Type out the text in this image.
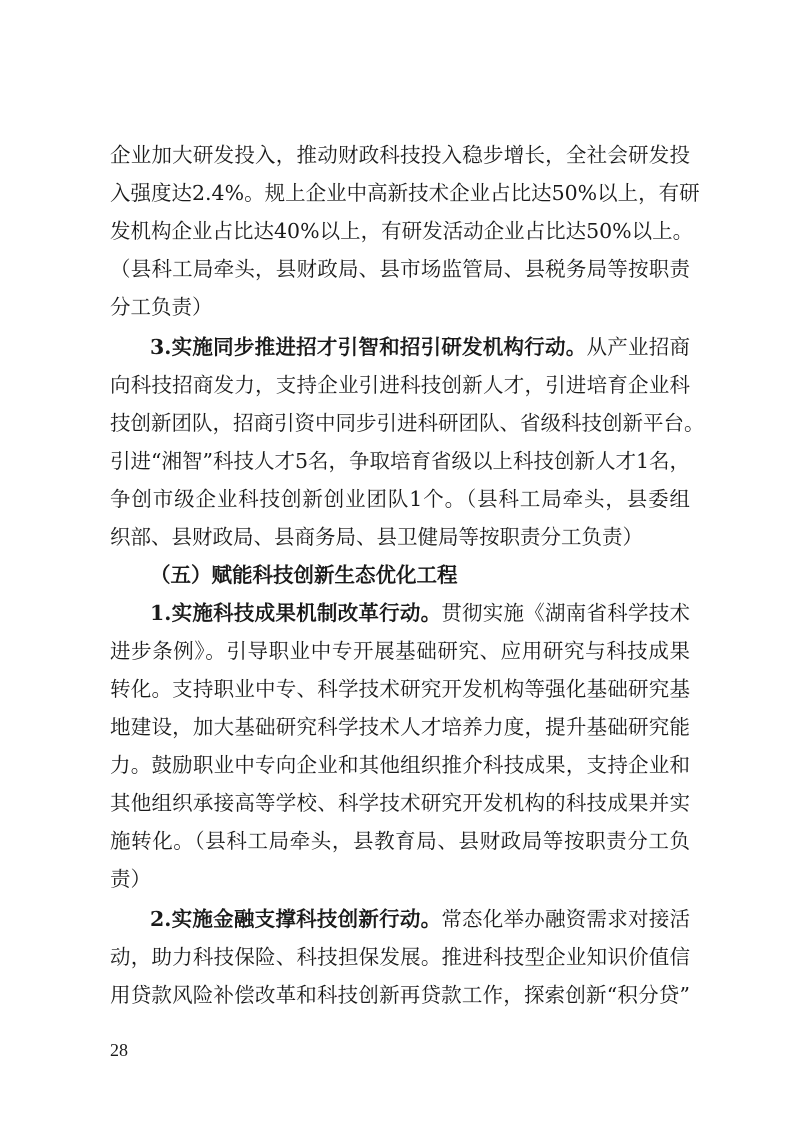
企业加大研发投入，推动财政科技投入稳步增长，全社会研发投
入强度达2.4%。规上企业中高新技术企业占比达50%以上，有研
发机构企业占比达40%以上，有研发活动企业占比达50%以上。
（县科工局牵头，县财政局、县市场监管局、县税务局等按职责
分工负责）
3.实施同步推进招才引智和招引研发机构行动。从产业招商
向科技招商发力，支持企业引进科技创新人才，引进培育企业科
技创新团队，招商引资中同步引进科研团队、省级科技创新平台。
引进“湘智”科技人才5名，争取培育省级以上科技创新人才1名，
争创市级企业科技创新创业团队1个。（县科工局牵头，县委组
织部、县财政局、县商务局、县卫健局等按职责分工负责）
（五）赋能科技创新生态优化工程
1.实施科技成果机制改革行动。贯彻实施《湖南省科学技术
进步条例》。引导职业中专开展基础研究、应用研究与科技成果
转化。支持职业中专、科学技术研究开发机构等强化基础研究基
地建设，加大基础研究科学技术人才培养力度，提升基础研究能
力。鼓励职业中专向企业和其他组织推介科技成果，支持企业和
其他组织承接高等学校、科学技术研究开发机构的科技成果并实
施转化。（县科工局牵头，县教育局、县财政局等按职责分工负
责）
2.实施金融支撑科技创新行动。常态化举办融资需求对接活
动，助力科技保险、科技担保发展。推进科技型企业知识价值信
用贷款风险补偿改革和科技创新再贷款工作，探索创新“积分贷”
28
